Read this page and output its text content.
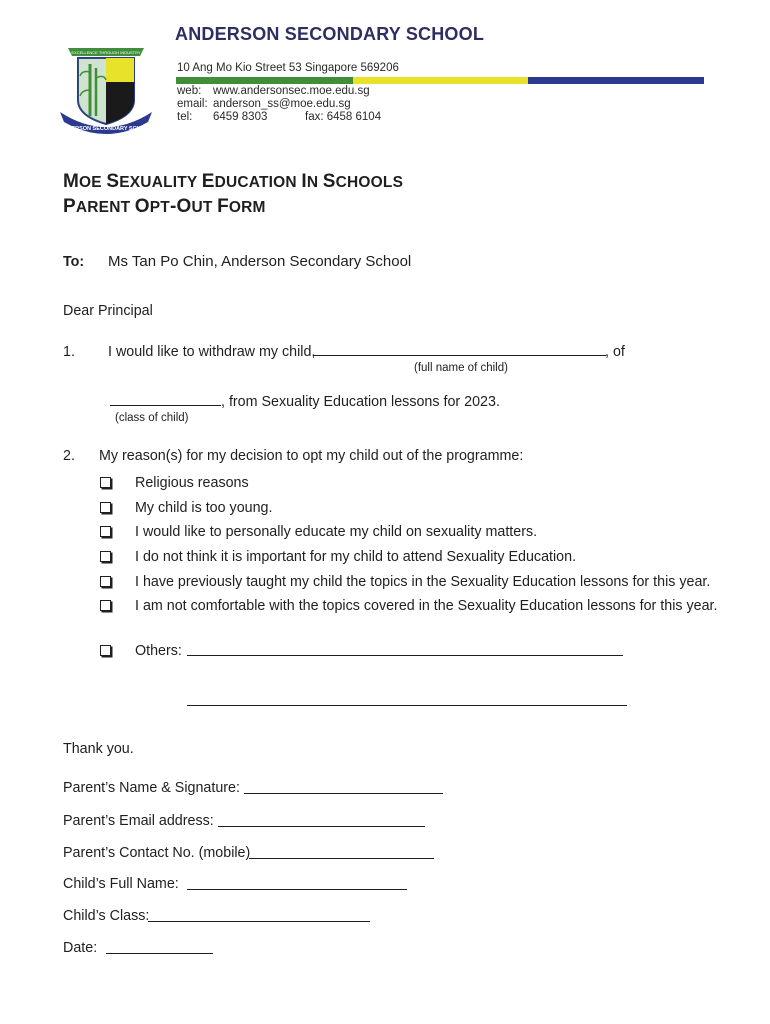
EXCELLENCE THROUGH INDUSTRY
ANDERSON SECONDARY SCHOOL
ANDERSON SECONDARY SCHOOL
10 Ang Mo Kio Street 53 Singapore 569206
web: www.andersonsec.moe.edu.sg
email: anderson_ss@moe.edu.sg
tel: 6459 8303	fax: 6458 6104
MOE SEXUALITY EDUCATION IN SCHOOLS
PARENT OPT-OUT FORM
To: Ms Tan Po Chin, Anderson Secondary School
Dear Principal
1. I would like to withdraw my child,	, of
(full name of child)
, from Sexuality Education lessons for 2023.
(class of child)
2. My reason(s) for my decision to opt my child out of the programme:
Religious reasons
My child is too young.
I would like to personally educate my child on sexuality matters.
I do not think it is important for my child to attend Sexuality Education.
I have previously taught my child the topics in the Sexuality Education lessons for this year.
I am not comfortable with the topics covered in the Sexuality Education lessons for this year.
Others:
Thank you.
Parent’s Name & Signature:
Parent’s Email address:
Parent’s Contact No. (mobile)
Child’s Full Name:
Child’s Class:
Date:
